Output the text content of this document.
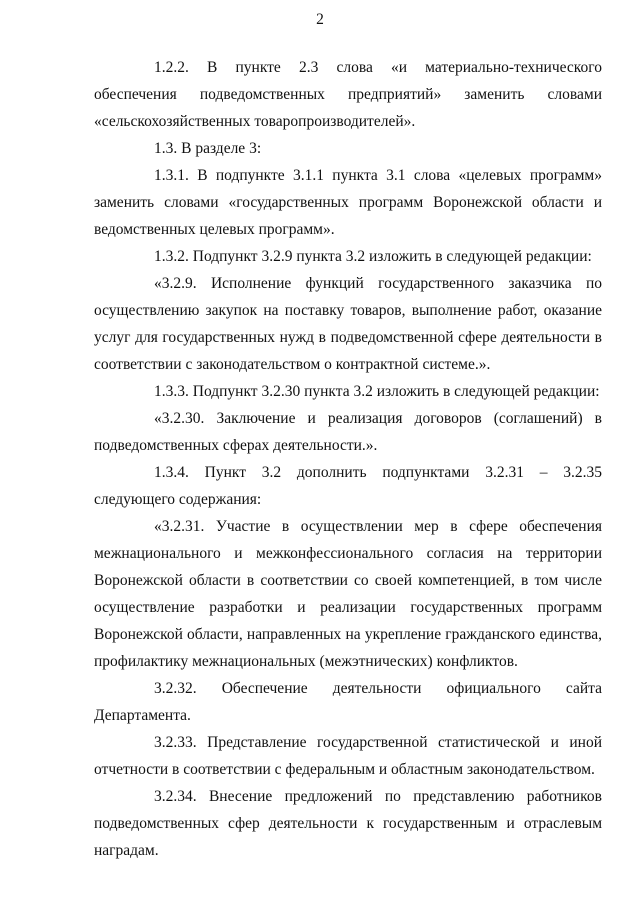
2

1.2.2. В пункте 2.3 слова «и материально-технического обеспечения подведомственных предприятий» заменить словами «сельскохозяйственных товаропроизводителей».

1.3. В разделе 3:

1.3.1. В подпункте 3.1.1 пункта 3.1 слова «целевых программ» заменить словами «государственных программ Воронежской области и ведомственных целевых программ».

1.3.2. Подпункт 3.2.9 пункта 3.2 изложить в следующей редакции:

«3.2.9. Исполнение функций государственного заказчика по осуществлению закупок на поставку товаров, выполнение работ, оказание услуг для государственных нужд в подведомственной сфере деятельности в соответствии с законодательством о контрактной системе.».

1.3.3. Подпункт 3.2.30 пункта 3.2 изложить в следующей редакции:

«3.2.30. Заключение и реализация договоров (соглашений) в подведомственных сферах деятельности.».

1.3.4. Пункт 3.2 дополнить подпунктами 3.2.31 – 3.2.35 следующего содержания:

«3.2.31. Участие в осуществлении мер в сфере обеспечения межнационального и межконфессионального согласия на территории Воронежской области в соответствии со своей компетенцией, в том числе осуществление разработки и реализации государственных программ Воронежской области, направленных на укрепление гражданского единства, профилактику межнациональных (межэтнических) конфликтов.

3.2.32. Обеспечение деятельности официального сайта Департамента.

3.2.33. Представление государственной статистической и иной отчетности в соответствии с федеральным и областным законодательством.

3.2.34. Внесение предложений по представлению работников подведомственных сфер деятельности к государственным и отраслевым наградам.
